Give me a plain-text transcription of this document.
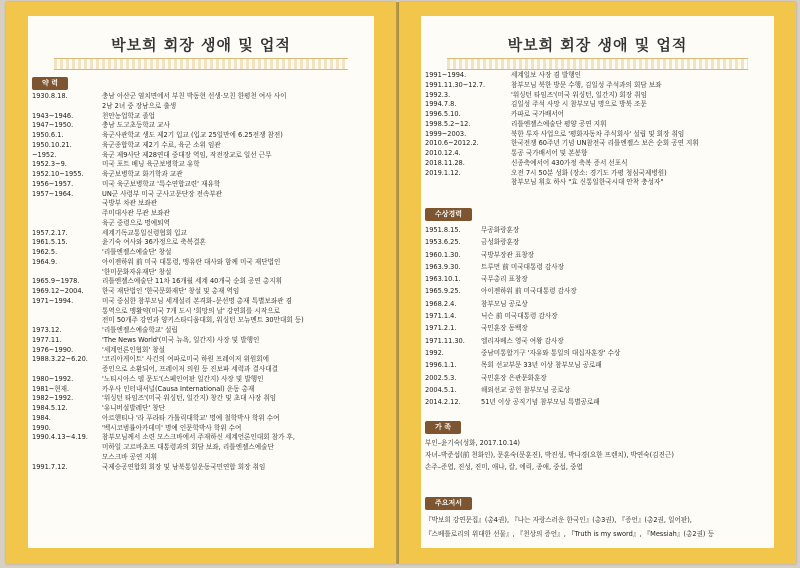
박보희 회장 생애 및 업적
약 력
1930.8.18.	충남 아산군 염치면에서 부친 박동현 선생·모친 한평천 여사 사이
2남 2녀 중 장남으로 출생
1943~1946.	천안농업학교 졸업
1947~1950.	충남 도고초등학교 교사
1950.6.1.	육군사관학교 생도 제2기 입교 (입교 25일만에 6.25전쟁 참전)
1950.10.21.	육군종합학교 제2기 수료, 육군 소위 임관
~1952.	육군 제9사단 제28연대 중대장 역임, 작전장교로 일선 근무
1952.3~9.	미국 포트 베닝 육군보병학교 유학
1952.10~1955.	육군보병학교 화기학과 교관
1956~1957.	미국 육군보병학교 '특수연합교련' 재유학
1957~1964.	UN군 사령부 미국 군사고문단장 전속부관
국방부 차관 보좌관
주미대사관 무관 보좌관
육군 중령으로 명예퇴역
1957.2.17.	세계기독교통일신령협회 입교
1961.5.15.	윤기숙 여사와 36가정으로 축복결혼
1962.5.	'리틀엔젤스예술단' 창설
1964.9.	아이젠하워 前 미국 대통령, 맹유란 대사와 함께 미국 재단법인
'한미문화자유재단' 창설
1965.9~1978.	리틀엔젤스예술단 11차 16개월 세계 40개국 순회 공연 총지휘
1969.12~2004.	한국 재단법인 '한국문화재단' 창설 및 총재 역임
1971~1994.	미국 중심한 참부모님 세계설리 본격화–문선명 총재 특별보좌관 겸
통역으로 맹활약(미국 7개 도시 '희망의 날' 강연회를 시작으로
전미 50개주 강연과 양키스타디움대회, 워싱턴 모뉴멘트 30만대회 등)
1973.12.	'리틀엔젤스예술학교' 설립
1977.11.	'The News World'(미국 뉴욕, 일간지) 사장 및 발행인
1976~1990.	'세계언론인협회' 창설
1988.3.22~6.20.	'코리아게이트' 사건의 여파로미국 하원 프레이저 위원회에
증인으로 소환되어, 프레이저 의원 등 진보파 세력과 결사대결
1980~1992.	'노티시아스 델 문도'(스페인어판 일간지) 사장 및 발행인
1981~현재.	카우사 인터내셔널(Causa International) 운동 총재
1982~1992.	'워싱턴 타임즈'(미국 워싱턴, 일간지) 창간 및 초대 사장 취임
1984.5.12.	'유니버설발레단' 창단
1984.	아르헨티나 '라 푸라타 가톨릭대학교' 명예 철학박사 학위 수여
1990.	'벡시코범률아카데미' 명예 인문학박사 학위 수여
1990.4.13~4.19.	참부모님께서 소련 모스크바에서 주재하신 세계언론인대회 참가 후,
미하일 고르바초프 대통령과의 회담 보좌, 리틀엔젤스예술단
모스크바 공연 지휘
1991.7.12.	국제승공연합회 회장 및 남북통일운동국민연합 회장 취임
박보희 회장 생애 및 업적
1991~1994.	세계일보 사장 겸 발행인
1991.11.30~12.7.	참부모님 북한 방문 수행, 김일성 주석과의 회담 보좌
1992.3.	'워싱턴 타임즈'(미국 워싱턴, 일간지) 회장 취임
1994.7.8.	김일성 주석 사망 시 참부모님 명으로 방북 조문
1996.5.10.	카파로 국가배서어
1998.5.2~12.	리틀엔젤스예술단 평양 공연 지휘
1999~2003.	북한 투자 사업으로 '평화자동차 주식회사' 설립 및 회장 취임
2010.6~2012.2.	한국전쟁 60주년 기념 UN참전국 리틀엔젤스 보은 순회 공연 지휘
2010.12.4.	통공 국가배서어 및 본봉향
2018.11.28.	신종축예서어 430가정 축복 증서 선포식
2019.1.12.	오전 7시 50분 성화 (장소: 경기도 가평 청심국제병원)
참부모님 휘호 하사 "효 신통일한국시대 안착 충성자"
수상경력
1951.8.15.	무공화랑훈장
1953.6.25.	금성화랑훈장
1960.1.30.	국방부장관 표창장
1963.9.30.	트루먼 前 미국대통령 감사장
1963.10.1.	국무총리 표창장
1965.9.25.	아이젠하워 前 미국대통령 감사장
1968.2.4.	참부모님 공로상
1971.1.4.	닉슨 前 미국대통령 감사장
1971.2.1.	국민훈장 동백장
1971.11.30.	엘리자베스 영국 여왕 감사장
1992.	중남미통합기구 '자유와 통일의 대십자훈장' 수상
1996.1.1.	목회 선교부문 33년 이상 참부모님 공로패
2002.5.3.	국민훈장 은관문화훈장
2004.5.1.	해외선교 공헌 참부모님 공로상
2014.2.12.	51년 이상 공직기념 참부모님 특별공로패
가 족
부인–윤기숙(성화, 2017.10.14)
자녀–박준섭(前 천화인), 문훈숙(문훈진), 박진성, 박나경(요한 프렌치), 박연숙(김진근)
손주–준엽, 진성, 진미, 애나, 칼, 에릭, 종애, 중섭, 중엽
주요저서
『박보희 강연문집』(총4권), 『나는 자랑스러운 한국인』(총3권), 『증언』(총2권, 일어판),
『스베틀로리의 위대한 선물』, 『천상의 증언』, 『Truth is my sword』, 『Messiah』(총2권) 등
